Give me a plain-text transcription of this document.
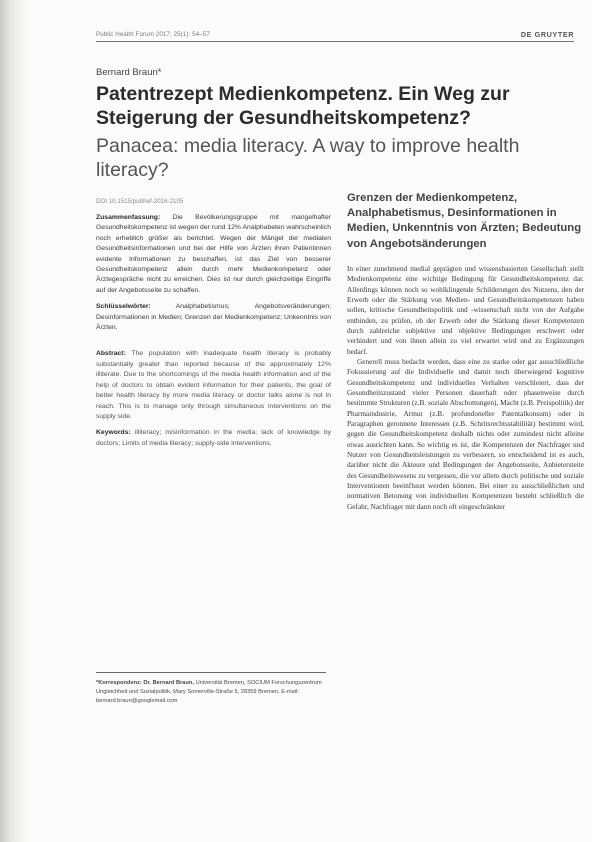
Public Health Forum 2017; 25(1): 54–57	DE GRUYTER
Bernard Braun*
Patentrezept Medienkompetenz. Ein Weg zur Steigerung der Gesundheitskompetenz?
Panacea: media literacy. A way to improve health literacy?
DOI 10.1515/pubhef-2016-2105

Zusammenfassung: Die Bevölkerungsgruppe mit mangelhafter Gesundheitskompetenz ist wegen der rund 12% Analphabeten wahrscheinlich noch erheblich größer als berichtet. Wegen der Mängel der medialen Gesundheitsinformationen und bei der Hilfe von Ärzten ihren Patientinnen evidente Informationen zu beschaffen, ist das Ziel von besserer Gesundheitskompetenz allein durch mehr Medienkompetenz oder Ärztegespräche nicht zu erreichen. Dies ist nur durch gleichzeitige Eingriffe auf der Angebotsseite zu schaffen.

Schlüsselwörter:	Analphabetismus; Angebotsveränderungen; Desinformationen in Medien; Grenzen der Medienkompetenz; Unkenntnis von Ärzten.

Abstract: The population with inadequate health literacy is probably substantially greater than reported because of the approximately 12% illiterate. Due to the shortcomings of the media health information and of the help of doctors to obtain evident information for their patients, the goal of better health literacy by more media literacy or doctor talks alone is not in reach. This is to manage only through simultaneous interventions on the supply side.

Keywords: illiteracy; misinformation in the media; lack of knowledge by doctors; Limits of media literacy; supply-side interventions.

*Korrespondenz: Dr. Bernard Braun, Universität Bremen, SOCIUM Forschungszentrum Ungleichheit und Sozialpolitik, Mary Somerville-Straße 5, 28359 Bremen, E-mail: bernard.braun@googlemail.com
Grenzen der Medienkompetenz, Analphabetismus, Desinformationen in Medien, Unkenntnis von Ärzten; Bedeutung von Angebotsänderungen

In einer zunehmend medial geprägten und wissensbasierten Gesellschaft stellt Medienkompetenz eine wichtige Bedingung für Gesundheitskompetenz dar. Allerdings können noch so wohlklingende Schilderungen des Nutzens, den der Erwerb oder die Stärkung von Medien- und Gesundheitskompetenzen haben sollen, kritische Gesundheitspolitik und -wissenschaft nicht von der Aufgabe entbinden, zu prüfen, ob der Erwerb oder die Stärkung dieser Kompetenzen durch zahlreiche subjektive und objektive Bedingungen erschwert oder verhindert und von ihnen allein zu viel erwartet wird und zu Ergänzungen bedarf.

Generell muss bedacht werden, dass eine zu starke oder gar ausschließliche Fokussierung auf die Individuelle und damit noch überwiegend kognitive Gesundheitskompetenz und individuelles Verhalten verschleiert, dass der Gesundheitszustand vieler Personen dauerhaft oder phasenweise durch bestimmte Strukturen (z.B. soziale Abschottungen), Macht (z.B. Preispolitik) der Pharmaindustrie, Armut (z.B. profundoneller Patentalkonsum) oder in Paragraphen geronnene Interessen (z.B. Schritsrechtsstabilität) bestimmt wird, gegen die Gesundheitskompetenz deshalb nichts oder zumindest nicht alleine etwas ausrichten kann. So wichtig es ist, die Kompetenzen der Nachfrager und Nutzer von Gesundheitsleistungen zu verbessern, so entscheidend ist es auch, darüber nicht die Akteure und Bedingungen der Angebotsseite, Anbietersteite des Gesundheitswesens zu vergessen, die vor allem durch politische und soziale Interventionen beeinflusst werden können. Bei einer zu ausschließlichen und normativen Betonung von individuellen Kompetenzen besteht schließlich die Gefahr, Nachfrager mit dann noch oft eingeschränkter
